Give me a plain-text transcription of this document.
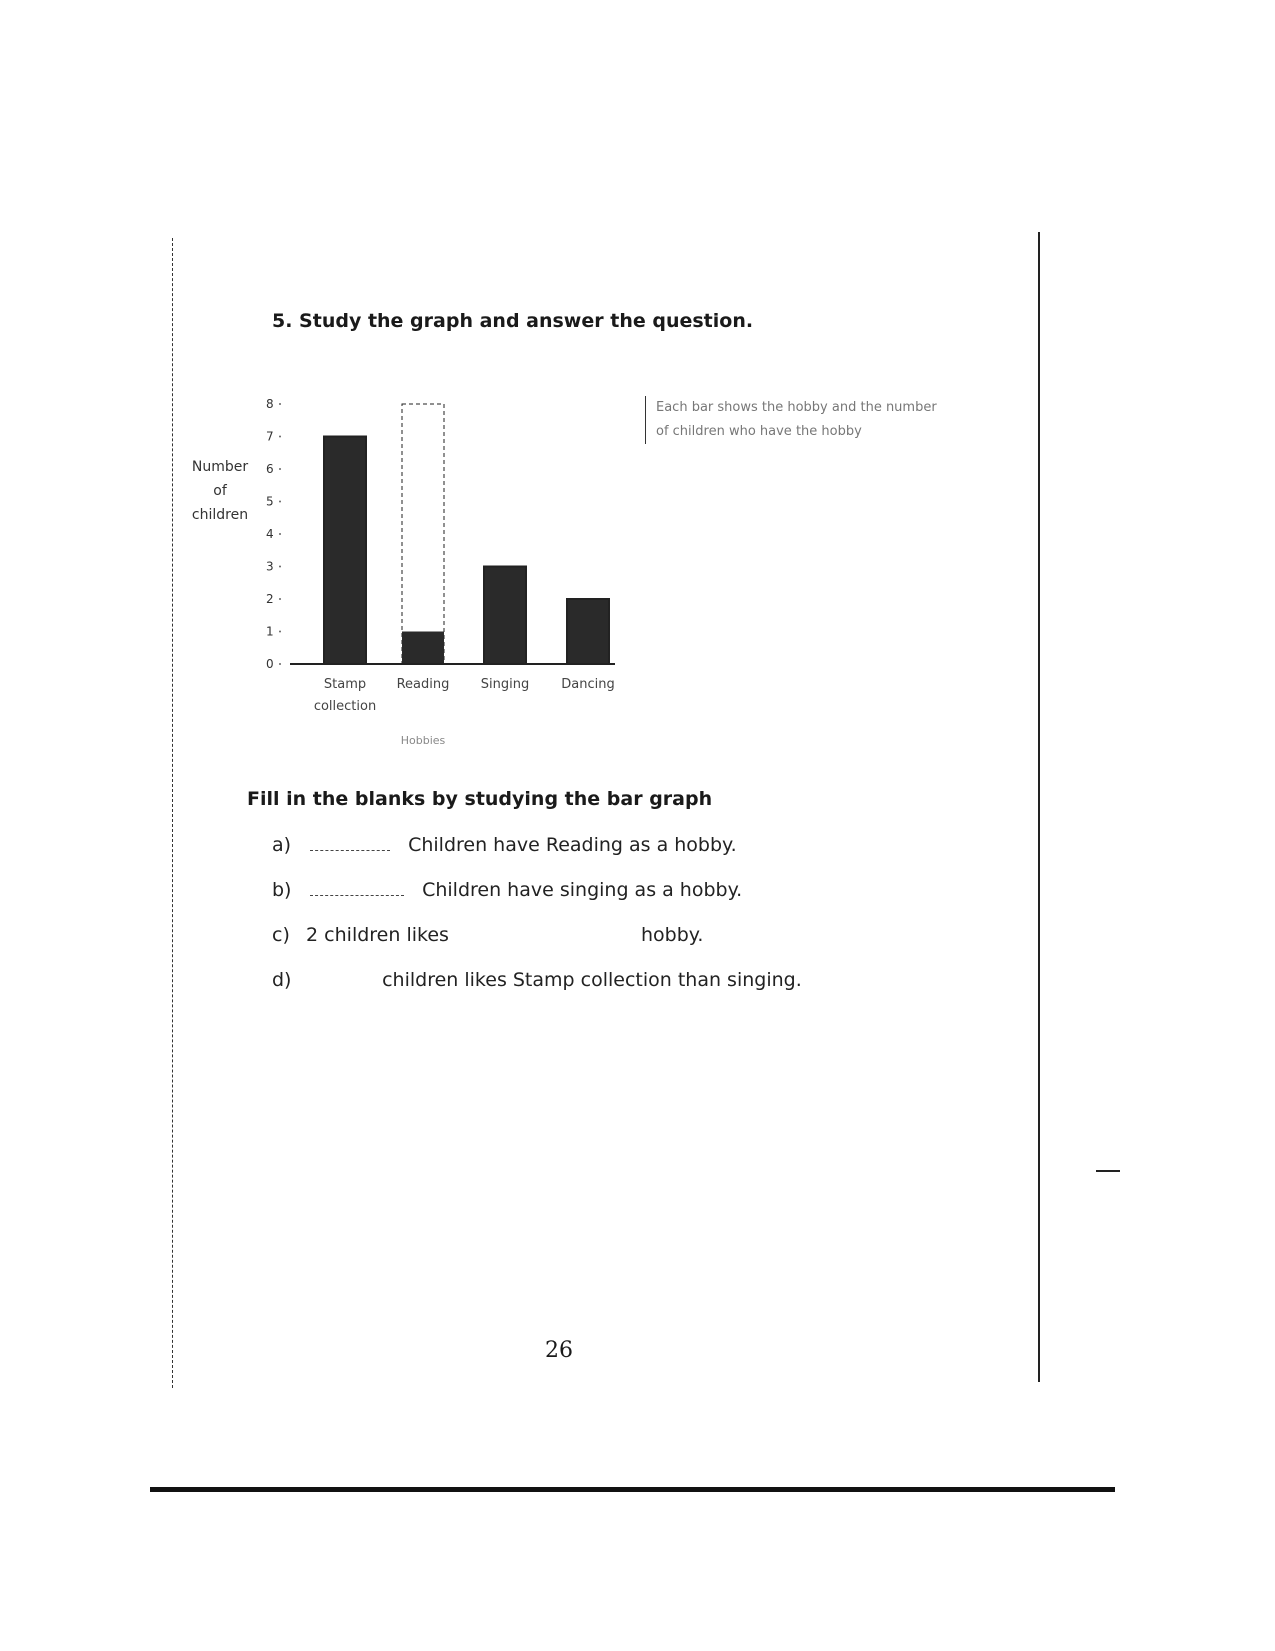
5. Study the graph and answer the question.
Number
of
children
0
1
2
3
4
5
6
7
8
Stamp
collection
Reading Singing Dancing
Hobbies
Each bar shows the hobby and the number
of children who have the hobby
Fill in the blanks by studying the bar graph
a)	Children have Reading as a hobby.
b)	Children have singing as a hobby.
c) 2 children likes	hobby.
d)	children likes Stamp collection than singing.
26
